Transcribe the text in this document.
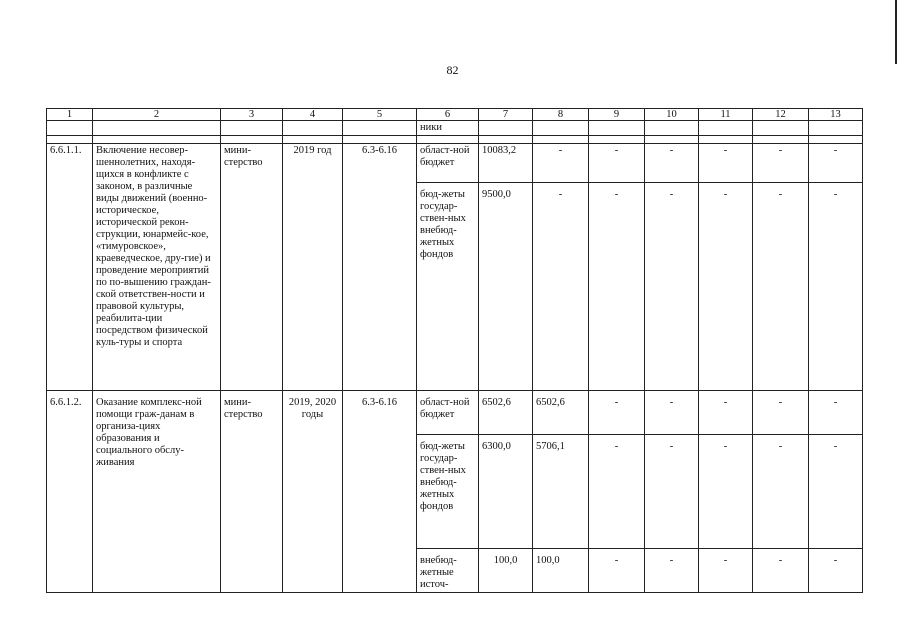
82
1	2	3	4	5	6	7	8	9	10	11	12	13
					ники							

6.6.1.1.	Включение несовер-шеннолетних, находя-щихся в конфликте с законом, в различные виды движений (военно-историческое, исторической рекон-струкции, юнармейс-кое, «тимуровское», краеведческое, дру-гие) и проведение мероприятий по по-вышению граждан-ской ответствен-ности и правовой культуры, реабилита-ции посредством физической куль-туры и спорта	мини-стерство	2019 год	6.3-6.16	област-ной бюджет	10083,2	-	-	-	-	-	-
					бюд-жеты государ-ствен-ных внебюд-жетных фондов	9500,0	-	-	-	-	-	-
6.6.1.2.	Оказание комплекс-ной помощи граж-данам в организа-циях образования и социального обслу-живания	мини-стерство	2019, 2020 годы	6.3-6.16	област-ной бюджет	6502,6	6502,6	-	-	-	-	-
					бюд-жеты государ-ствен-ных внебюд-жетных фондов	6300,0	5706,1	-	-	-	-	-
					внебюд-жетные источ-	100,0	100,0	-	-	-	-	-
